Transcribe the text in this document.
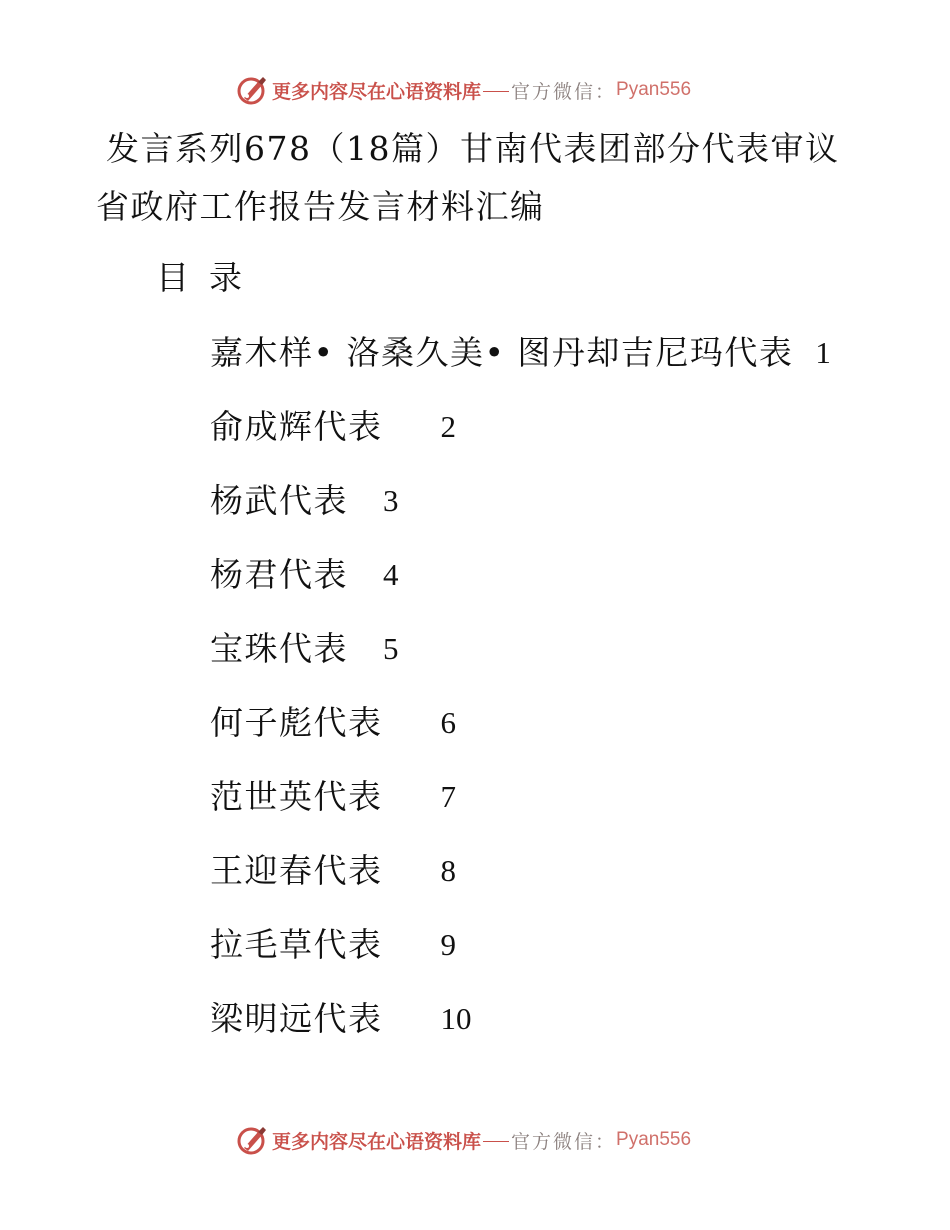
更多内容尽在心语资料库 官方微信： Pyan556
发言系列678（18篇）甘南代表团部分代表审议
省政府工作报告发言材料汇编
目录
嘉木样• 洛桑久美• 图丹却吉尼玛代表 1
俞成辉代表 2
杨武代表 3
杨君代表 4
宝珠代表 5
何子彪代表 6
范世英代表 7
王迎春代表 8
拉毛草代表 9
梁明远代表 10
更多内容尽在心语资料库 官方微信： Pyan556
